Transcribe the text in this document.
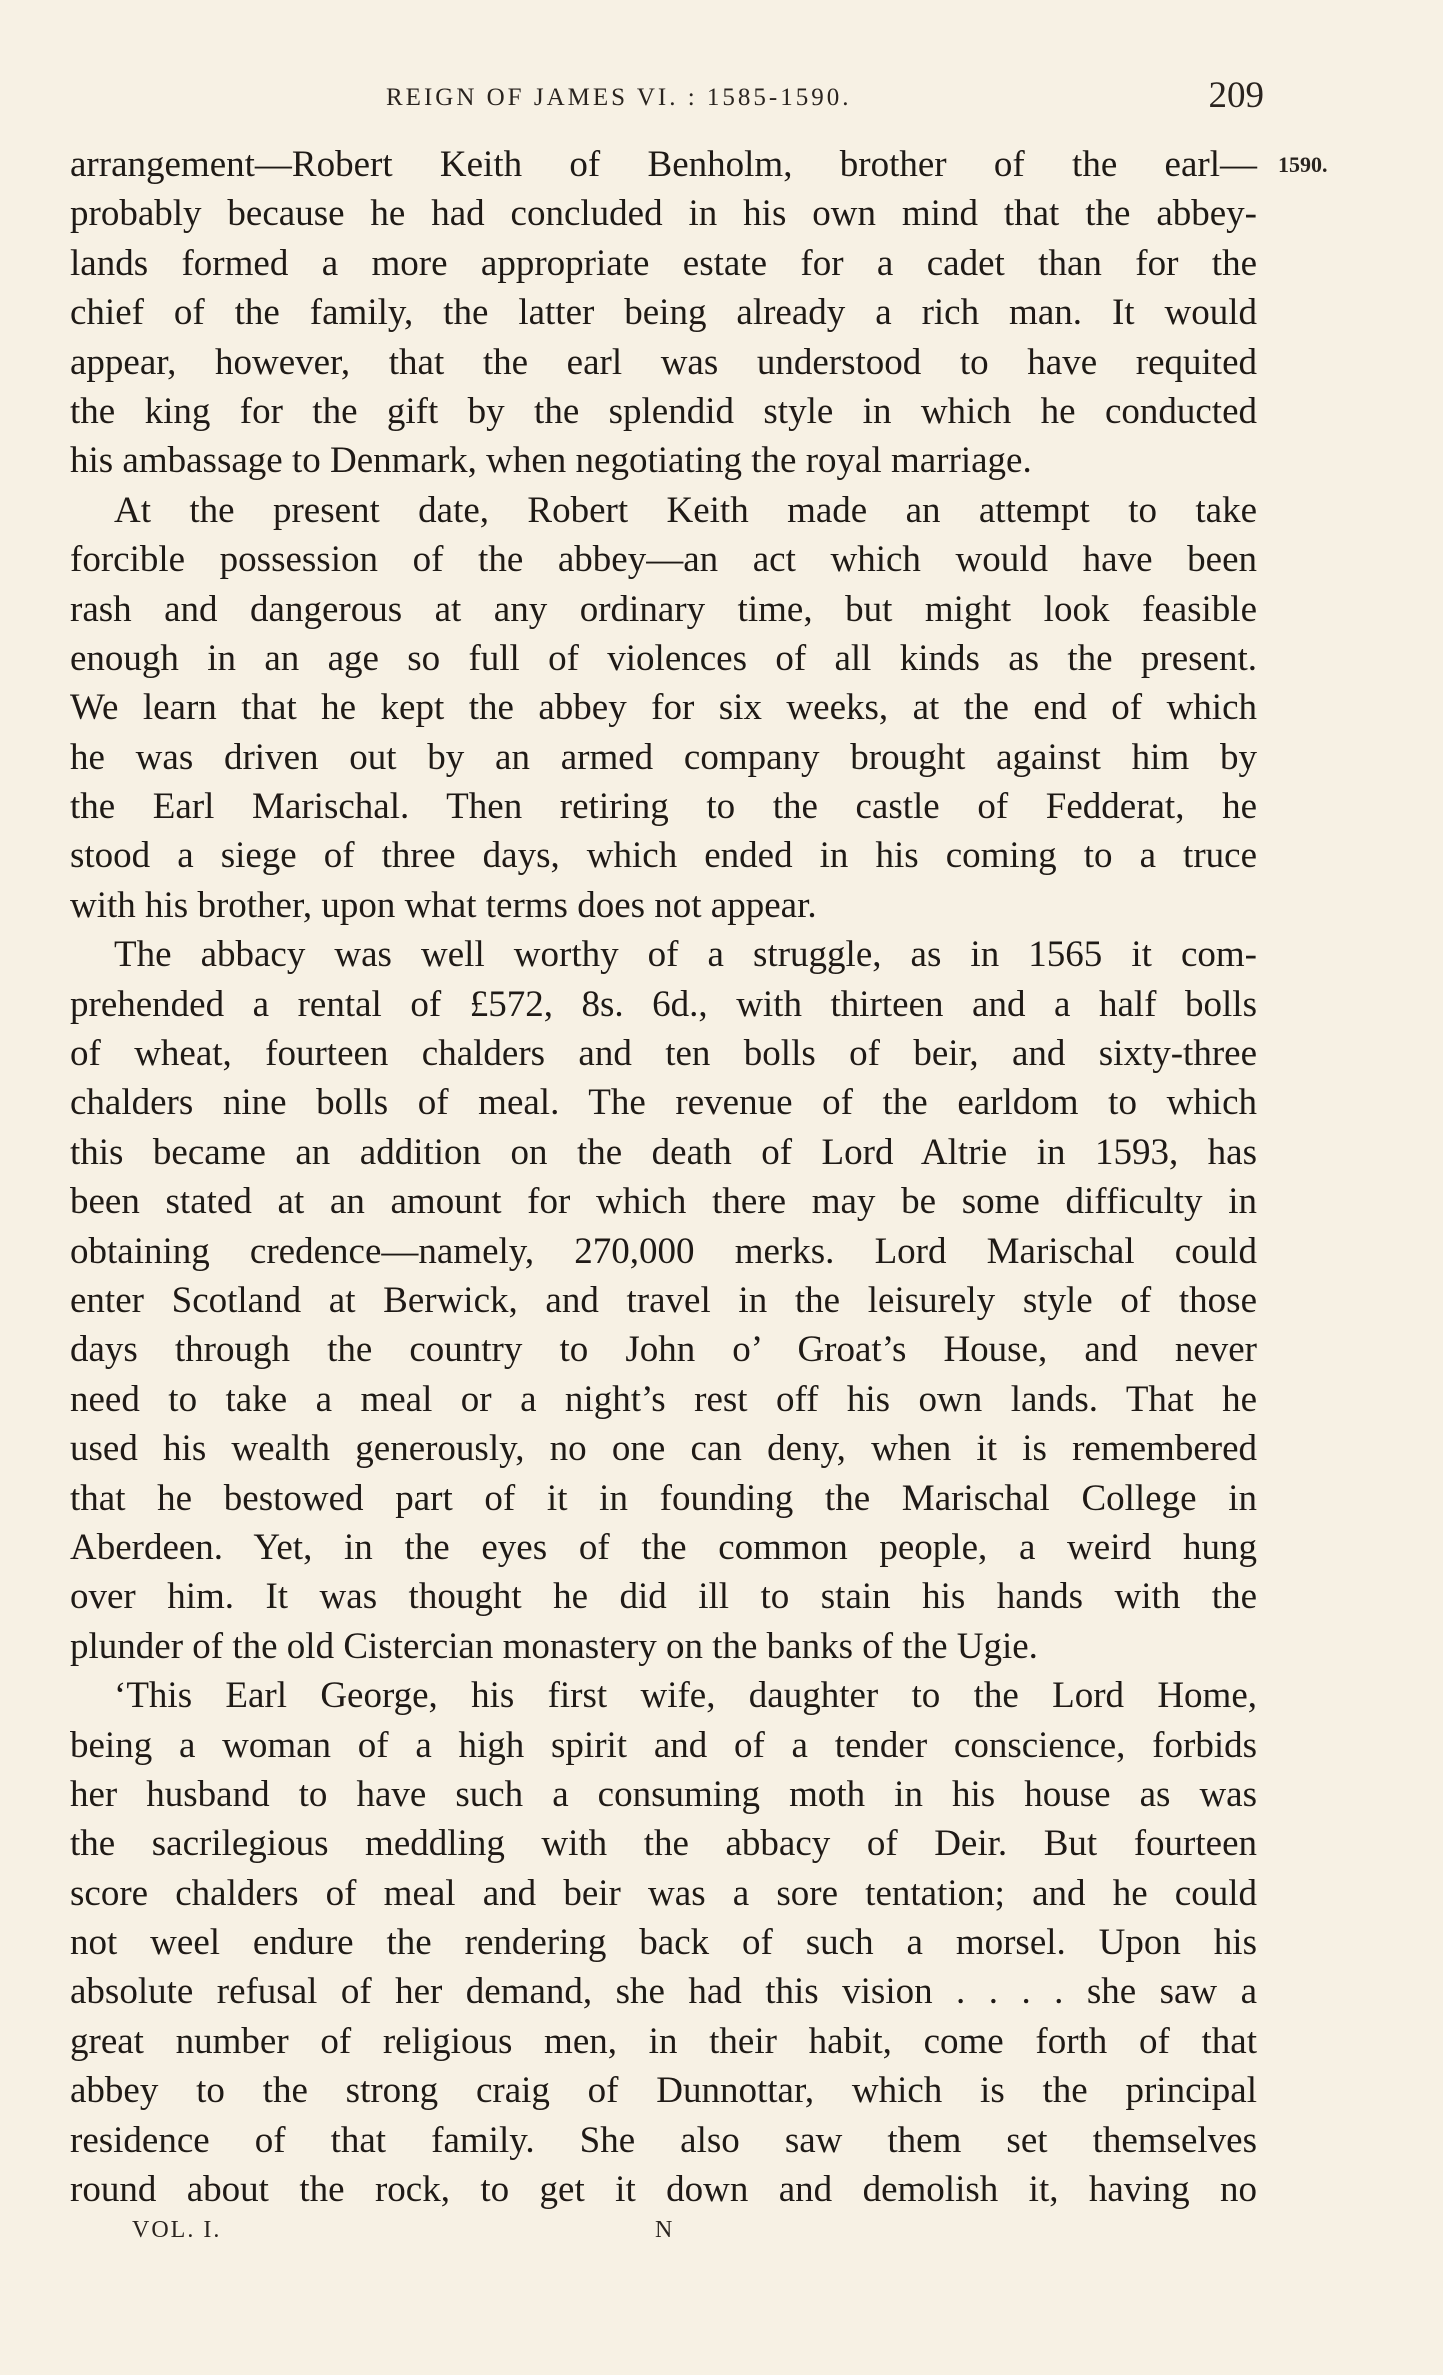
REIGN OF JAMES VI. : 1585-1590.	209
1590.
arrangement—Robert Keith of Benholm, brother of the earl—
probably because he had concluded in his own mind that the abbey-
lands formed a more appropriate estate for a cadet than for the
chief of the family, the latter being already a rich man. It would
appear, however, that the earl was understood to have requited
the king for the gift by the splendid style in which he conducted
his ambassage to Denmark, when negotiating the royal marriage.
At the present date, Robert Keith made an attempt to take
forcible possession of the abbey—an act which would have been
rash and dangerous at any ordinary time, but might look feasible
enough in an age so full of violences of all kinds as the present.
We learn that he kept the abbey for six weeks, at the end of which
he was driven out by an armed company brought against him by
the Earl Marischal. Then retiring to the castle of Fedderat, he
stood a siege of three days, which ended in his coming to a truce
with his brother, upon what terms does not appear.
The abbacy was well worthy of a struggle, as in 1565 it com-
prehended a rental of £572, 8s. 6d., with thirteen and a half bolls
of wheat, fourteen chalders and ten bolls of beir, and sixty-three
chalders nine bolls of meal. The revenue of the earldom to which
this became an addition on the death of Lord Altrie in 1593, has
been stated at an amount for which there may be some difficulty in
obtaining credence—namely, 270,000 merks. Lord Marischal could
enter Scotland at Berwick, and travel in the leisurely style of those
days through the country to John o’ Groat’s House, and never
need to take a meal or a night’s rest off his own lands. That he
used his wealth generously, no one can deny, when it is remembered
that he bestowed part of it in founding the Marischal College in
Aberdeen. Yet, in the eyes of the common people, a weird hung
over him. It was thought he did ill to stain his hands with the
plunder of the old Cistercian monastery on the banks of the Ugie.
‘This Earl George, his first wife, daughter to the Lord Home,
being a woman of a high spirit and of a tender conscience, forbids
her husband to have such a consuming moth in his house as was
the sacrilegious meddling with the abbacy of Deir. But fourteen
score chalders of meal and beir was a sore tentation; and he could
not weel endure the rendering back of such a morsel. Upon his
absolute refusal of her demand, she had this vision . . . . she saw a
great number of religious men, in their habit, come forth of that
abbey to the strong craig of Dunnottar, which is the principal
residence of that family. She also saw them set themselves
round about the rock, to get it down and demolish it, having no
VOL. I.	N
